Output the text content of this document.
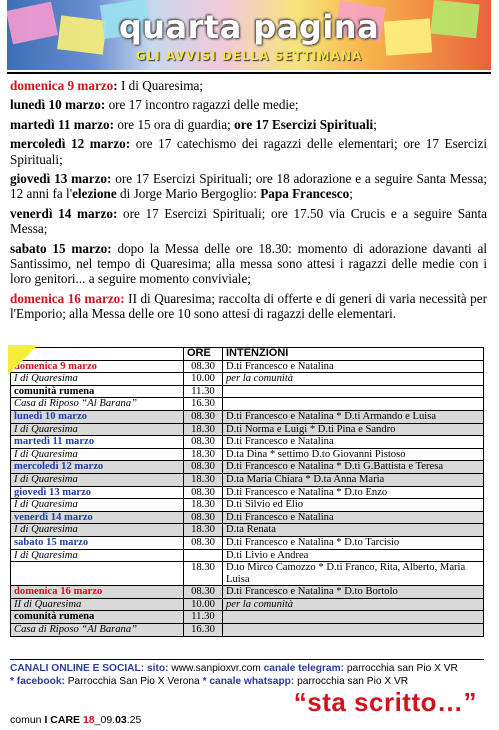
quarta pagina
GLI AVVISI DELLA SETTIMANA

domenica 9 marzo: I di Quaresima;

lunedì 10 marzo: ore 17 incontro ragazzi delle medie;

martedì 11 marzo: ore 15 ora di guardia; ore 17 Esercizi Spirituali;

mercoledì 12 marzo: ore 17 catechismo dei ragazzi delle elementari; ore 17 Esercizi Spirituali;

giovedì 13 marzo: ore 17 Esercizi Spirituali; ore 18 adorazione e a seguire Santa Messa; 12 anni fa l'elezione di Jorge Mario Bergoglio: Papa Francesco;

venerdì 14 marzo: ore 17 Esercizi Spirituali; ore 17.50 via Crucis e a seguire Santa Messa;

sabato 15 marzo: dopo la Messa delle ore 18.30: momento di adorazione davanti al Santissimo, nel tempo di Quaresima; alla messa sono attesi i ragazzi delle medie con i loro genitori... a seguire momento conviviale;

domenica 16 marzo: II di Quaresima; raccolta di offerte e di generi di varia necessità per l'Emporio; alla Messa delle ore 10 sono attesi di ragazzi delle elementari.

	ORE	INTENZIONI
domenica 9 marzo	08.30	D.ti Francesco e Natalina
I di Quaresima	10.00	per la comunità
comunità rumena	11.30	
Casa di Riposo “Al Barana”	16.30	
lunedì 10 marzo	08.30	D.ti Francesco e Natalina * D.ti Armando e Luisa
I di Quaresima	18.30	D.ti Norma e Luigi * D.ti Pina e Sandro
martedì 11 marzo	08.30	D.ti Francesco e Natalina
I di Quaresima	18.30	D.ta Dina * settimo D.to Giovanni Pistoso
mercoledì 12 marzo	08.30	D.ti Francesco e Natalina * D.ti G.Battista e Teresa
I di Quaresima	18.30	D.ta Maria Chiara * D.ta Anna Maria
giovedì 13 marzo	08.30	D.ti Francesco e Natalina * D.to Enzo
I di Quaresima	18.30	D.ti Silvio ed Elio
venerdì 14 marzo	08.30	D.ti Francesco e Natalina
I di Quaresima	18.30	D.ta Renata
sabato 15 marzo	08.30	D.ti Francesco e Natalina * D.to Tarcisio
I di Quaresima		D.ti Livio e Andrea
	18.30	D.to Mirco Camozzo * D.ti Franco, Rita, Alberto, Maria Luisa
domenica 16 marzo	08.30	D.ti Francesco e Natalina * D.to Bortolo
II di Quaresima	10.00	per la comunità
comunità rumena	11.30	
Casa di Riposo “Al Barana”	16.30	
CANALI ONLINE E SOCIAL: sito: www.sanpioxvr.com canale telegram: parrocchia san Pio X VR
* facebook: Parrocchia San Pio X Verona * canale whatsapp: parrocchia san Pio X VR
“sta scritto…”
comun I CARE 18_09.03.25
